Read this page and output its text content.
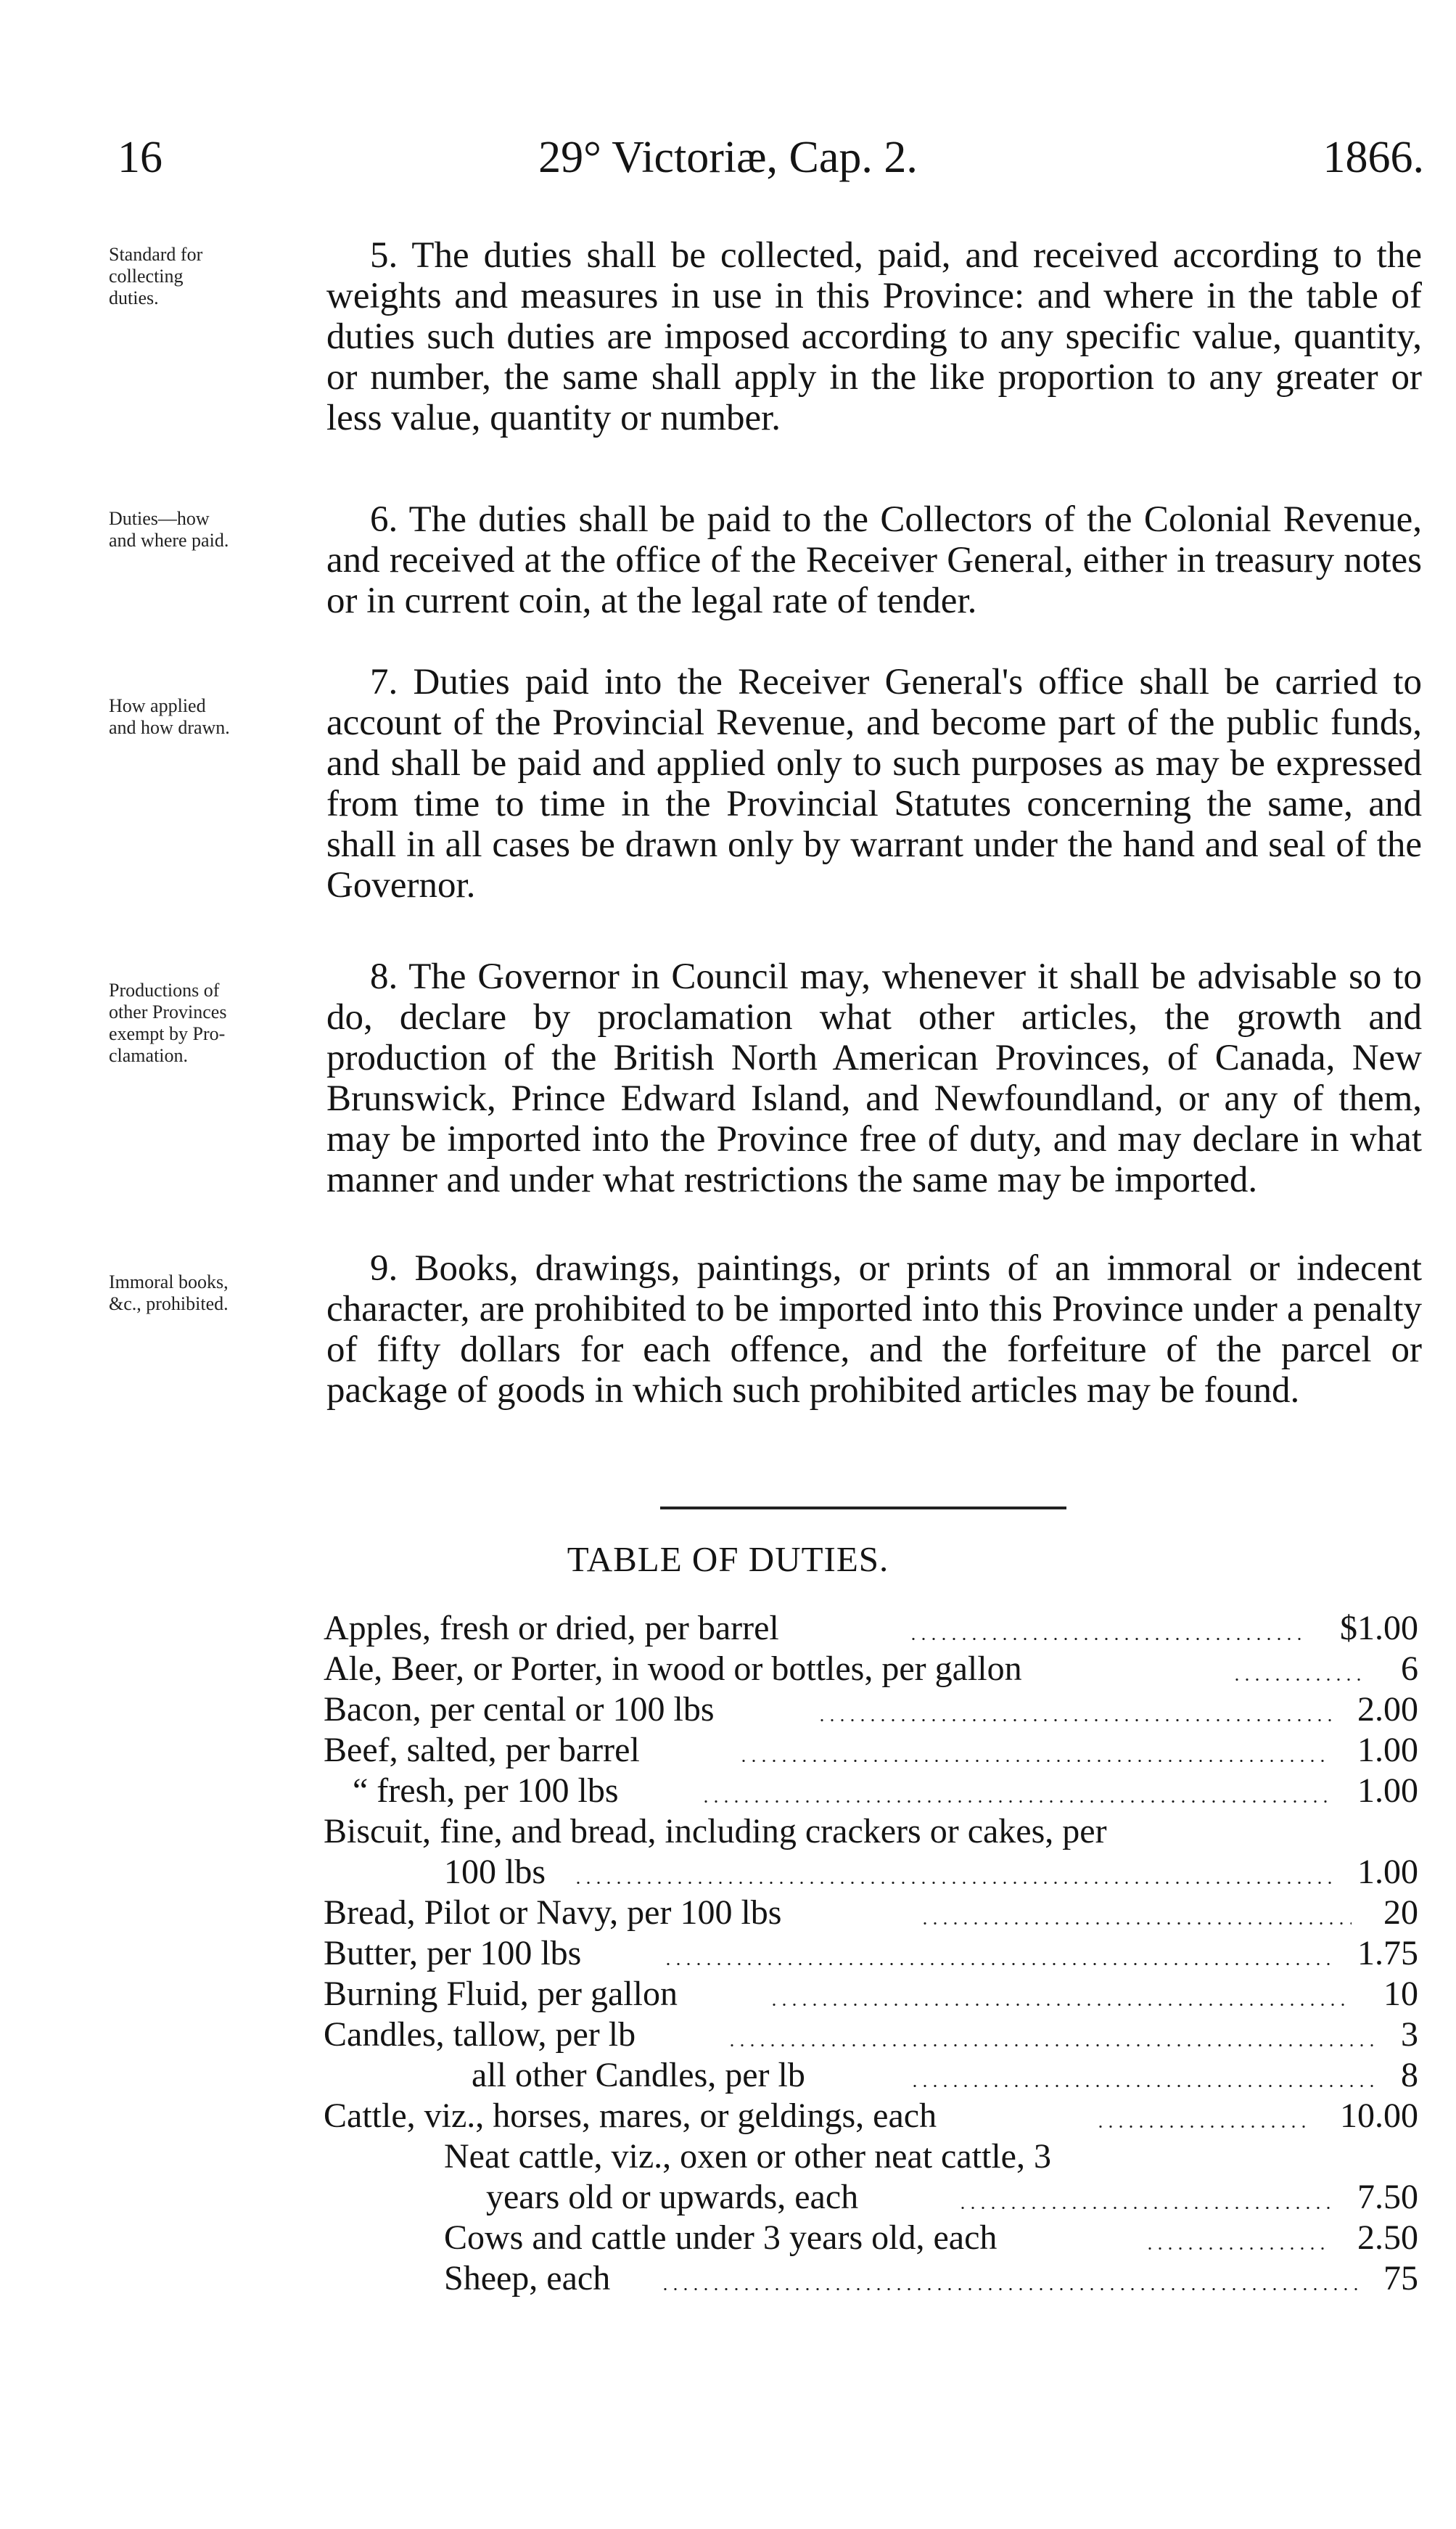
16	29° Victoriæ, Cap. 2.	1866.
Standard for
collecting
duties.
Duties—how
and where paid.
How applied
and how drawn.
Productions of
other Provinces
exempt by Pro-
clamation.
Immoral books,
&c., prohibited.

5. The duties shall be collected, paid, and received according to the weights and measures in use in this Province: and where in the table of duties such duties are imposed according to any specific value, quantity, or number, the same shall apply in the like proportion to any greater or less value, quantity or number.

6. The duties shall be paid to the Collectors of the Colonial Revenue, and received at the office of the Receiver General, either in treasury notes or in current coin, at the legal rate of tender.

7. Duties paid into the Receiver General's office shall be carried to account of the Provincial Revenue, and become part of the public funds, and shall be paid and applied only to such purposes as may be expressed from time to time in the Provincial Statutes concerning the same, and shall in all cases be drawn only by warrant under the hand and seal of the Governor.

8. The Governor in Council may, whenever it shall be advisable so to do, declare by proclamation what other articles, the growth and production of the British North American Provinces, of Canada, New Brunswick, Prince Edward Island, and Newfoundland, or any of them, may be imported into the Province free of duty, and may declare in what manner and under what restrictions the same may be imported.

9. Books, drawings, paintings, or prints of an immoral or indecent character, are prohibited to be imported into this Province under a penalty of fifty dollars for each offence, and the forfeiture of the parcel or package of goods in which such prohibited articles may be found.

TABLE OF DUTIES.
Apples, fresh or dried, per barrel	$1.00
Ale, Beer, or Porter, in wood or bottles, per gallon	6
Bacon, per cental or 100 lbs	2.00
Beef, salted, per barrel	1.00
“ fresh, per 100 lbs	1.00
Biscuit, fine, and bread, including crackers or cakes, per
100 lbs	1.00
Bread, Pilot or Navy, per 100 lbs	20
Butter, per 100 lbs	1.75
Burning Fluid, per gallon	10
Candles, tallow, per lb	3
all other Candles, per lb	8
Cattle, viz., horses, mares, or geldings, each	10.00
Neat cattle, viz., oxen or other neat cattle, 3
years old or upwards, each	7.50
Cows and cattle under 3 years old, each	2.50
Sheep, each	75
